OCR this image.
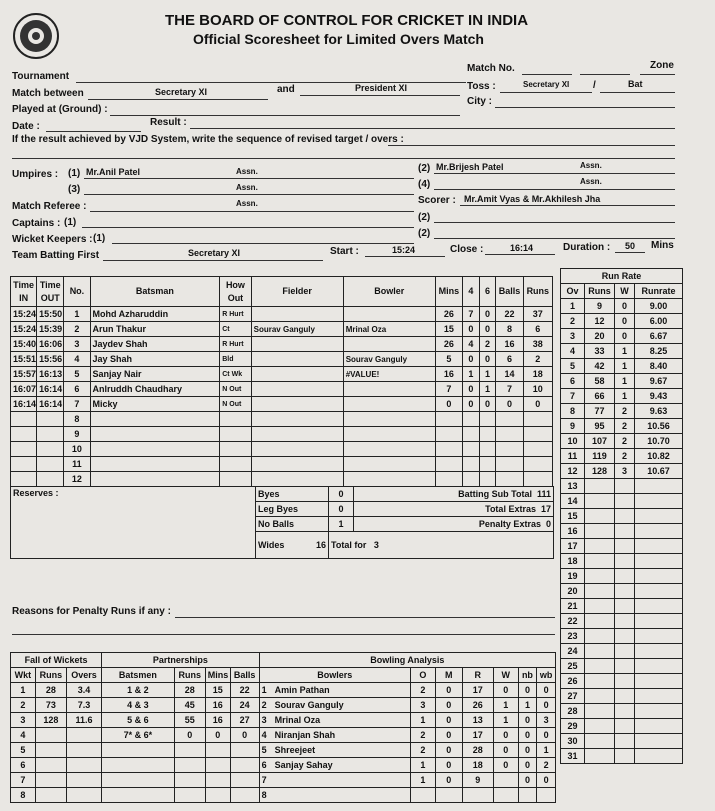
THE BOARD OF CONTROL FOR CRICKET IN INDIA
Official Scoresheet for Limited Overs Match
Match No.	Zone
Tournament
Match between	Secretary XI	and	President XI	Toss :	Secretary XI /	Bat
Played at (Ground) :
City :
Date :	Result :
If the result achieved by VJD System, write the sequence of revised target / overs :
Umpires : (1) Mr.Anil Patel	Assn.	(2) Mr.Brijesh Patel	Assn.
(3)	Assn.	(4)	Assn.
Match Referee :	Assn.	Scorer : Mr.Amit Vyas & Mr.Akhilesh Jha
Captains : (1)	(2)
Wicket Keepers : (1)	(2)
Team Batting First	Secretary XI	Start :	15:24	Close :	16:14	Duration : 50 Mins
Time IN	Time OUT	No.	Batsman	How Out	Fielder	Bowler	Mins	4	6	Balls	Runs
15:24	15:50	1	Mohd Azharuddin	R Hurt			26	7	0	22	37
15:24	15:39	2	Arun Thakur	Ct	Sourav Ganguly	Mrinal Oza	15	0	0	8	6
15:40	16:06	3	Jaydev Shah	R Hurt			26	4	2	16	38
15:51	15:56	4	Jay Shah	Bld		Sourav Ganguly	5	0	0	6	2
15:57	16:13	5	Sanjay Nair	Ct Wk		#VALUE!	16	1	1	14	18
16:07	16:14	6	Anlruddh Chaudhary	N Out			7	0	1	7	10
16:14	16:14	7	Micky	N Out			0	0	0	0	0
		8									
		9									
		10									
		11									
		12									
Reserves :	Byes	0	Batting Sub Total 111	
	Leg Byes	0	Total Extras 17	
	No Balls	1	Penalty Extras 0	
	Wides 16	Total for 3	
Run Rate			
Ov	Runs	W	Runrate
1	9	0	9.00
2	12	0	6.00
3	20	0	6.67
4	33	1	8.25
5	42	1	8.40
6	58	1	9.67
7	66	1	9.43
8	77	2	9.63
9	95	2	10.56
10	107	2	10.70
11	119	2	10.82
12	128	3	10.67
13			
14			
15			
16			
17			
18			
19			
20			
21			
22			
23			
24			
25			
26			
27			
28			
29			
30			
31			
Reasons for Penalty Runs if any :
Fall of Wickets			Partnerships				Bowling Analysis						
Wkt	Runs	Overs	Batsmen	Runs	Mins	Balls	Bowlers	O	M	R	W	nb	wb
1	28	3.4	1 & 2	28	15	22	1 Amin Pathan	2	0	17	0	0	0
2	73	7.3	4 & 3	45	16	24	2 Sourav Ganguly	3	0	26	1	1	0
3	128	11.6	5 & 6	55	16	27	3 Mrinal Oza	1	0	13	1	0	3
4			7* & 6*	0	0	0	4 Niranjan Shah	2	0	17	0	0	0
5							5 Shreejeet	2	0	28	0	0	1
6							6 Sanjay Sahay	1	0	18	0	0	2
7							7	1	0	9		0	0
8							8						
